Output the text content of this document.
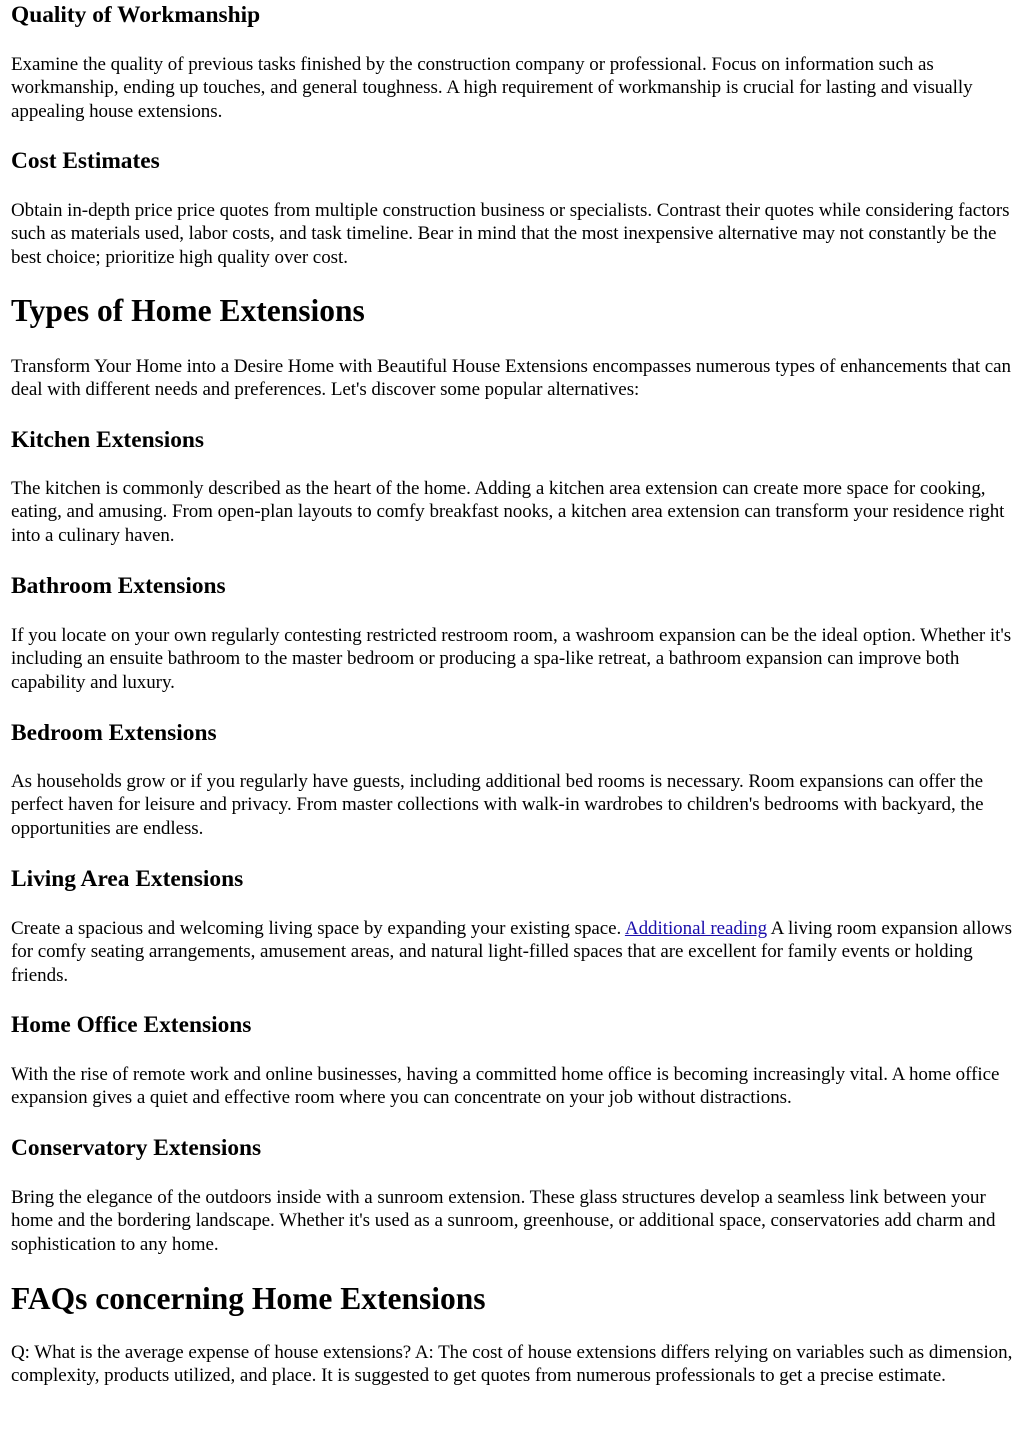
Quality of Workmanship

Examine the quality of previous tasks finished by the construction company or professional. Focus on information such as workmanship, ending up touches, and general toughness. A high requirement of workmanship is crucial for lasting and visually appealing house extensions.

Cost Estimates

Obtain in-depth price price quotes from multiple construction business or specialists. Contrast their quotes while considering factors such as materials used, labor costs, and task timeline. Bear in mind that the most inexpensive alternative may not constantly be the best choice; prioritize high quality over cost.

Types of Home Extensions

Transform Your Home into a Desire Home with Beautiful House Extensions encompasses numerous types of enhancements that can deal with different needs and preferences. Let's discover some popular alternatives:

Kitchen Extensions

The kitchen is commonly described as the heart of the home. Adding a kitchen area extension can create more space for cooking, eating, and amusing. From open-plan layouts to comfy breakfast nooks, a kitchen area extension can transform your residence right into a culinary haven.

Bathroom Extensions

If you locate on your own regularly contesting restricted restroom room, a washroom expansion can be the ideal option. Whether it's including an ensuite bathroom to the master bedroom or producing a spa-like retreat, a bathroom expansion can improve both capability and luxury.

Bedroom Extensions

As households grow or if you regularly have guests, including additional bed rooms is necessary. Room expansions can offer the perfect haven for leisure and privacy. From master collections with walk-in wardrobes to children's bedrooms with backyard, the opportunities are endless.

Living Area Extensions

Create a spacious and welcoming living space by expanding your existing space. Additional reading A living room expansion allows for comfy seating arrangements, amusement areas, and natural light-filled spaces that are excellent for family events or holding friends.

Home Office Extensions

With the rise of remote work and online businesses, having a committed home office is becoming increasingly vital. A home office expansion gives a quiet and effective room where you can concentrate on your job without distractions.

Conservatory Extensions

Bring the elegance of the outdoors inside with a sunroom extension. These glass structures develop a seamless link between your home and the bordering landscape. Whether it's used as a sunroom, greenhouse, or additional space, conservatories add charm and sophistication to any home.

FAQs concerning Home Extensions

Q: What is the average expense of house extensions? A: The cost of house extensions differs relying on variables such as dimension, complexity, products utilized, and place. It is suggested to get quotes from numerous professionals to get a precise estimate.
